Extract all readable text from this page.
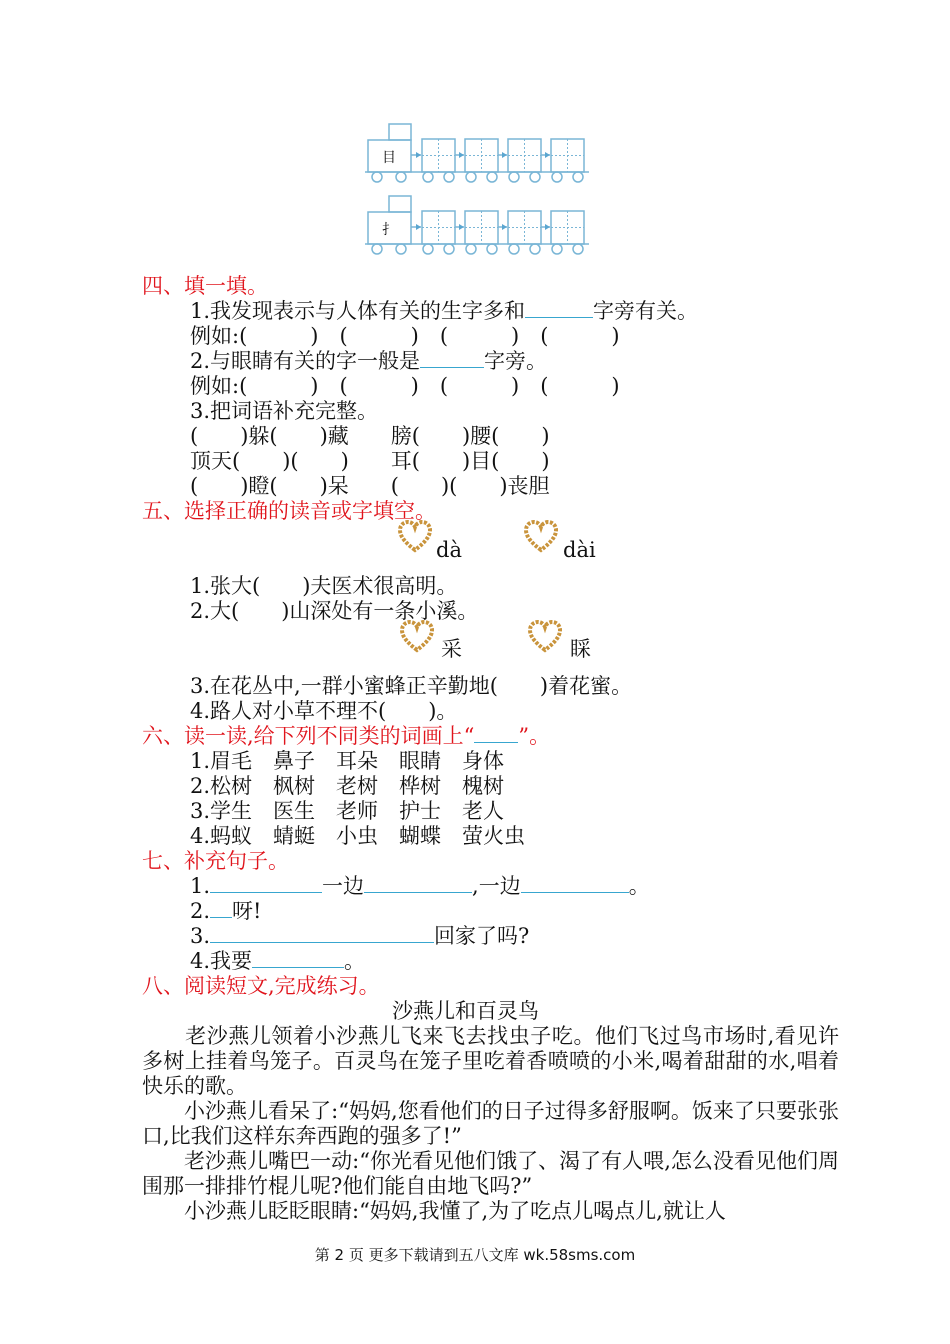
目
扌
四、填一填。
1.我发现表示与人体有关的生字多和	字旁有关。
例如:(　　　)　(　　　)　(　　　)　(　　　)
2.与眼睛有关的字一般是	字旁。
例如:(　　　)　(　　　)　(　　　)　(　　　)
3.把词语补充完整。
(　　)躲(　　)藏　　膀(　　)腰(　　)
顶天(　　)(　　)　　耳(　　)目(　　)
(　　)瞪(　　)呆　　(　　)(　　)丧胆
五、选择正确的读音或字填空。
dà	dài
1.张大(　　)夫医术很高明。
2.大(　　)山深处有一条小溪。
采	睬
3.在花丛中,一群小蜜蜂正辛勤地(　　)着花蜜。
4.路人对小草不理不(　　)。
六、读一读,给下列不同类的词画上“ ”。
1.眉毛　鼻子　耳朵　眼睛　身体
2.松树　枫树　老树　桦树　槐树
3.学生　医生　老师　护士　老人
4.蚂蚁　蜻蜓　小虫　蝴蝶　萤火虫
七、补充句子。
1.	一边	,一边	。
2. 呀!
3.	回家了吗?
4.我要	。
八、阅读短文,完成练习。
沙燕儿和百灵鸟
　　老沙燕儿领着小沙燕儿飞来飞去找虫子吃。他们飞过鸟市场时,看见许多树上挂着鸟笼子。百灵鸟在笼子里吃着香喷喷的小米,喝着甜甜的水,唱着快乐的歌。
　　小沙燕儿看呆了:“妈妈,您看他们的日子过得多舒服啊。饭来了只要张张口,比我们这样东奔西跑的强多了!”
　　老沙燕儿嘴巴一动:“你光看见他们饿了、渴了有人喂,怎么没看见他们周围那一排排竹棍儿呢?他们能自由地飞吗?”
　　小沙燕儿眨眨眼睛:“妈妈,我懂了,为了吃点儿喝点儿,就让人
第 2 页 更多下载请到五八文库 wk.58sms.com
